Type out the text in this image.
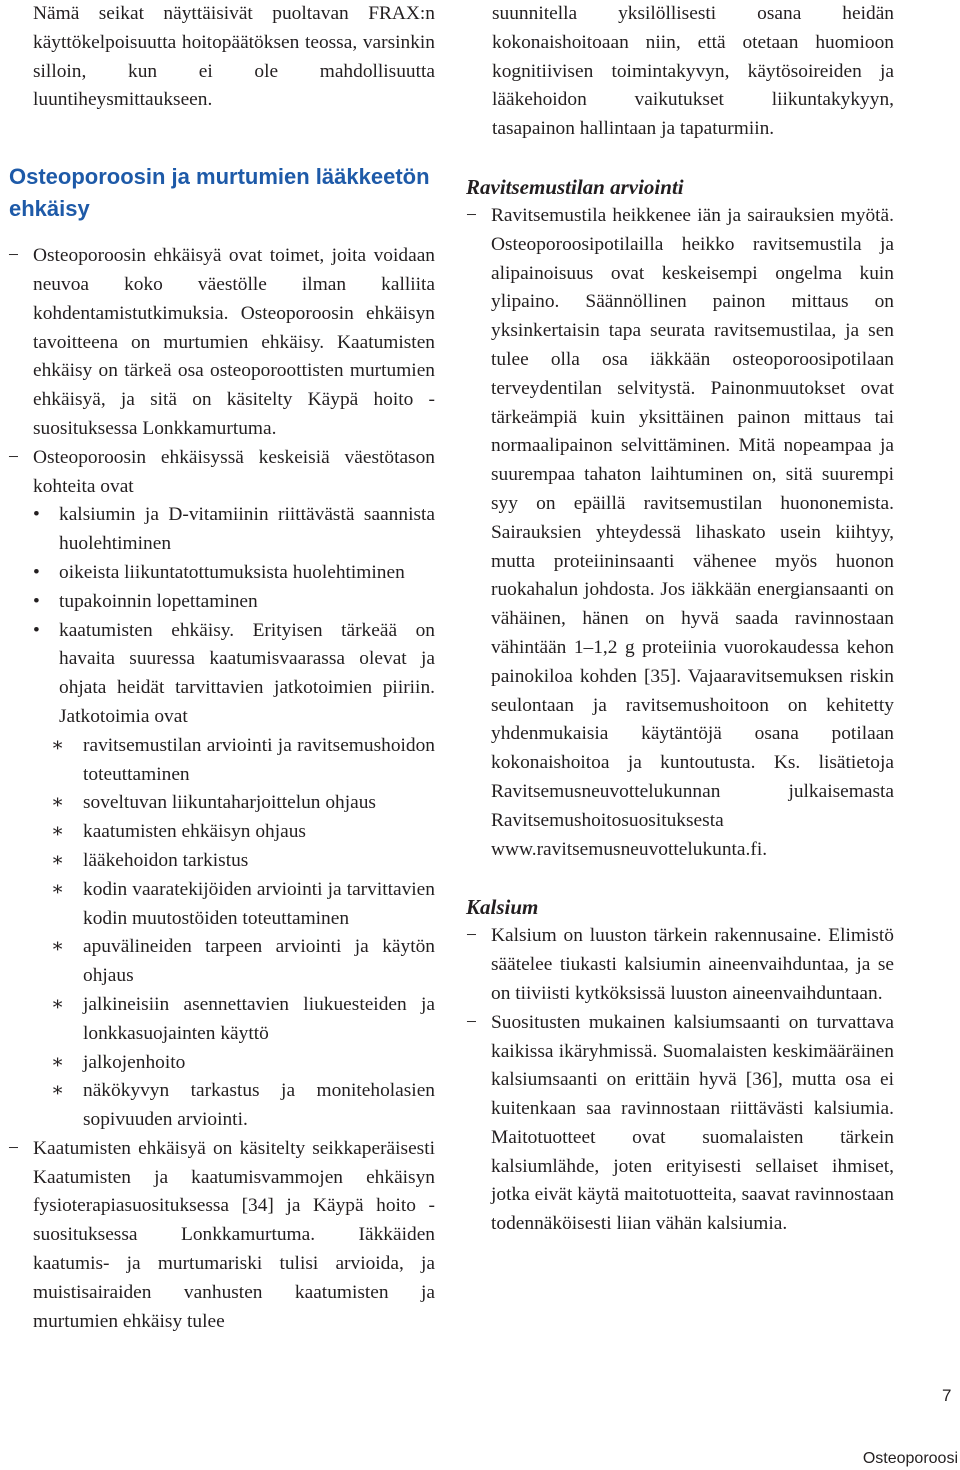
Nämä seikat näyttäisivät puoltavan FRAX:n käyttökelpoisuutta hoitopäätöksen teossa, varsinkin silloin, kun ei ole mahdollisuutta luuntiheysmittaukseen.

Osteoporoosin ja murtumien lääkkeetön ehkäisy

− Osteoporoosin ehkäisyä ovat toimet, joita voidaan neuvoa koko väestölle ilman kalliita kohdentamistutkimuksia. Osteoporoosin ehkäisyn tavoitteena on murtumien ehkäisy. Kaatumisten ehkäisy on tärkeä osa osteoporoottisten murtumien ehkäisyä, ja sitä on käsitelty Käypä hoito -suosituksessa Lonkkamurtuma.

− Osteoporoosin ehkäisyssä keskeisiä väestötason kohteita ovat

• kalsiumin ja D-vitamiinin riittävästä saannista huolehtiminen
• oikeista liikuntatottumuksista huolehtiminen
• tupakoinnin lopettaminen
• kaatumisten ehkäisy. Erityisen tärkeää on havaita suuressa kaatumisvaarassa olevat ja ohjata heidät tarvittavien jatkotoimien piiriin. Jatkotoimia ovat
∗ ravitsemustilan arviointi ja ravitsemushoidon toteuttaminen
∗ soveltuvan liikuntaharjoittelun ohjaus
∗ kaatumisten ehkäisyn ohjaus
∗ lääkehoidon tarkistus
∗ kodin vaaratekijöiden arviointi ja tarvittavien kodin muutostöiden toteuttaminen
∗ apuvälineiden tarpeen arviointi ja käytön ohjaus
∗ jalkineisiin asennettavien liukuesteiden ja lonkkasuojainten käyttö
∗ jalkojenhoito
∗ näkökyvyn tarkastus ja moniteholasien sopivuuden arviointi.

− Kaatumisten ehkäisyä on käsitelty seikkaperäisesti Kaatumisten ja kaatumisvammojen ehkäisyn fysioterapiasuosituksessa [34] ja Käypä hoito -suosituksessa Lonkkamurtuma. Iäkkäiden kaatumis- ja murtumariski tulisi arvioida, ja muistisairaiden vanhusten kaatumisten ja murtumien ehkäisy tulee

suunnitella yksilöllisesti osana heidän kokonaishoitoaan niin, että otetaan huomioon kognitiivisen toimintakyvyn, käytösoireiden ja lääkehoidon vaikutukset liikuntakykyyn, tasapainon hallintaan ja tapaturmiin.

Ravitsemustilan arviointi

− Ravitsemustila heikkenee iän ja sairauksien myötä. Osteoporoosipotilailla heikko ravitsemustila ja alipainoisuus ovat keskeisempi ongelma kuin ylipaino. Säännöllinen painon mittaus on yksinkertaisin tapa seurata ravitsemustilaa, ja sen tulee olla osa iäkkään osteoporoosipotilaan terveydentilan selvitystä. Painonmuutokset ovat tärkeämpiä kuin yksittäinen painon mittaus tai normaalipainon selvittäminen. Mitä nopeampaa ja suurempaa tahaton laihtuminen on, sitä suurempi syy on epäillä ravitsemustilan huononemista. Sairauksien yhteydessä lihaskato usein kiihtyy, mutta proteiininsaanti vähenee myös huonon ruokahalun johdosta. Jos iäkkään energiansaanti on vähäinen, hänen on hyvä saada ravinnostaan vähintään 1–1,2 g proteiinia vuorokaudessa kehon painokiloa kohden [35]. Vajaaravitsemuksen riskin seulontaan ja ravitsemushoitoon on kehitetty yhdenmukaisia käytäntöjä osana potilaan kokonaishoitoa ja kuntoutusta. Ks. lisätietoja Ravitsemusneuvottelukunnan julkaisemasta Ravitsemushoitosuosituksesta www.ravitsemusneuvottelukunta.fi.

Kalsium

− Kalsium on luuston tärkein rakennusaine. Elimistö säätelee tiukasti kalsiumin aineenvaihduntaa, ja se on tiiviisti kytköksissä luuston aineenvaihduntaan.

− Suositusten mukainen kalsiumsaanti on turvattava kaikissa ikäryhmissä. Suomalaisten keskimääräinen kalsiumsaanti on erittäin hyvä [36], mutta osa ei kuitenkaan saa ravinnostaan riittävästi kalsiumia. Maitotuotteet ovat suomalaisten tärkein kalsiumlähde, joten erityisesti sellaiset ihmiset, jotka eivät käytä maitotuotteita, saavat ravinnostaan todennäköisesti liian vähän kalsiumia.

7
Osteoporoosi
